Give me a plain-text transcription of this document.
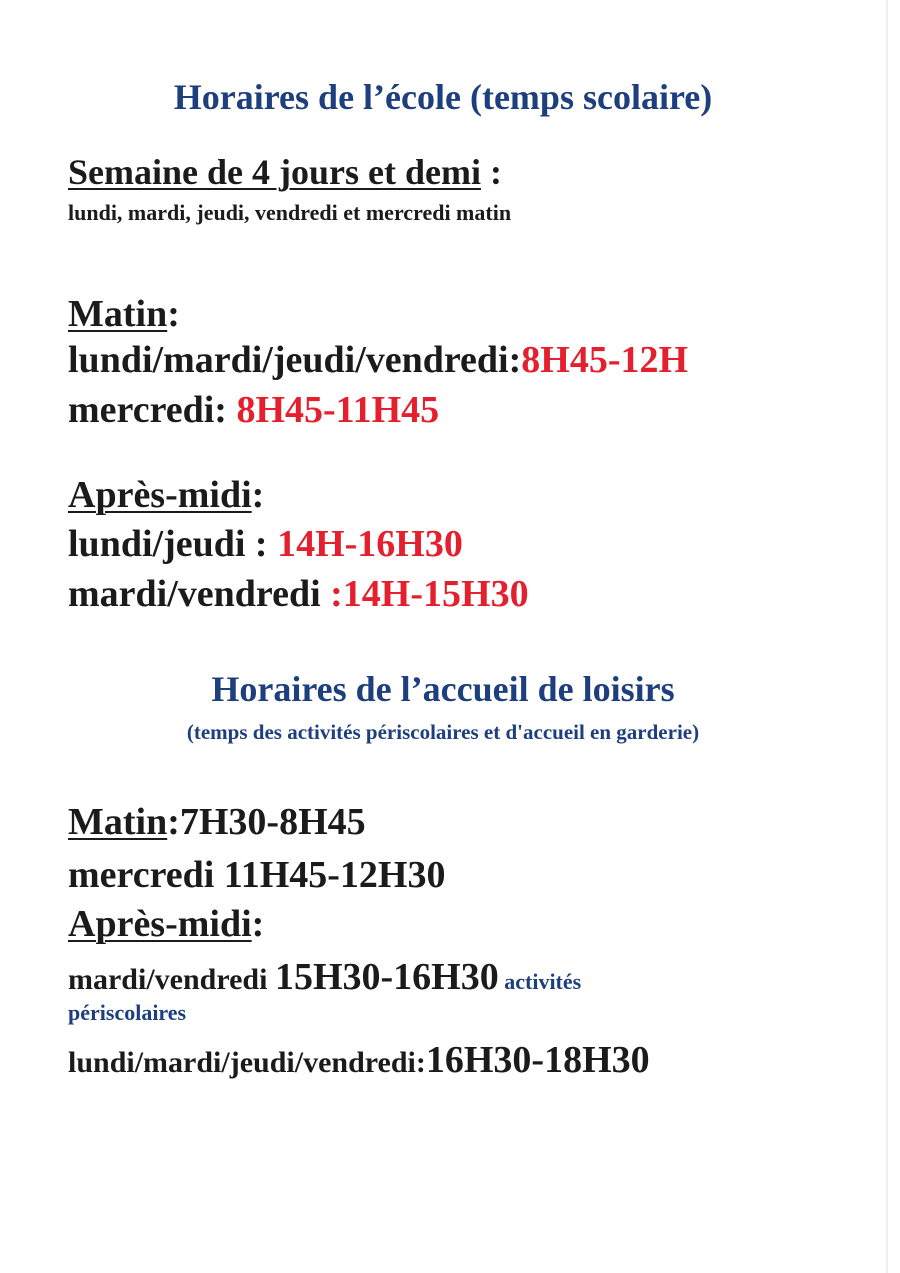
Horaires de l’école (temps scolaire)
Semaine de 4 jours et demi :
lundi, mardi, jeudi, vendredi et mercredi matin
Matin:
lundi/mardi/jeudi/vendredi:8H45-12H
mercredi: 8H45-11H45
Après-midi:
lundi/jeudi : 14H-16H30
mardi/vendredi :14H-15H30
Horaires de l’accueil de loisirs
(temps des activités périscolaires et d'accueil en garderie)
Matin:7H30-8H45
mercredi 11H45-12H30
Après-midi:
mardi/vendredi 15H30-16H30 activités
périscolaires
lundi/mardi/jeudi/vendredi:16H30-18H30
